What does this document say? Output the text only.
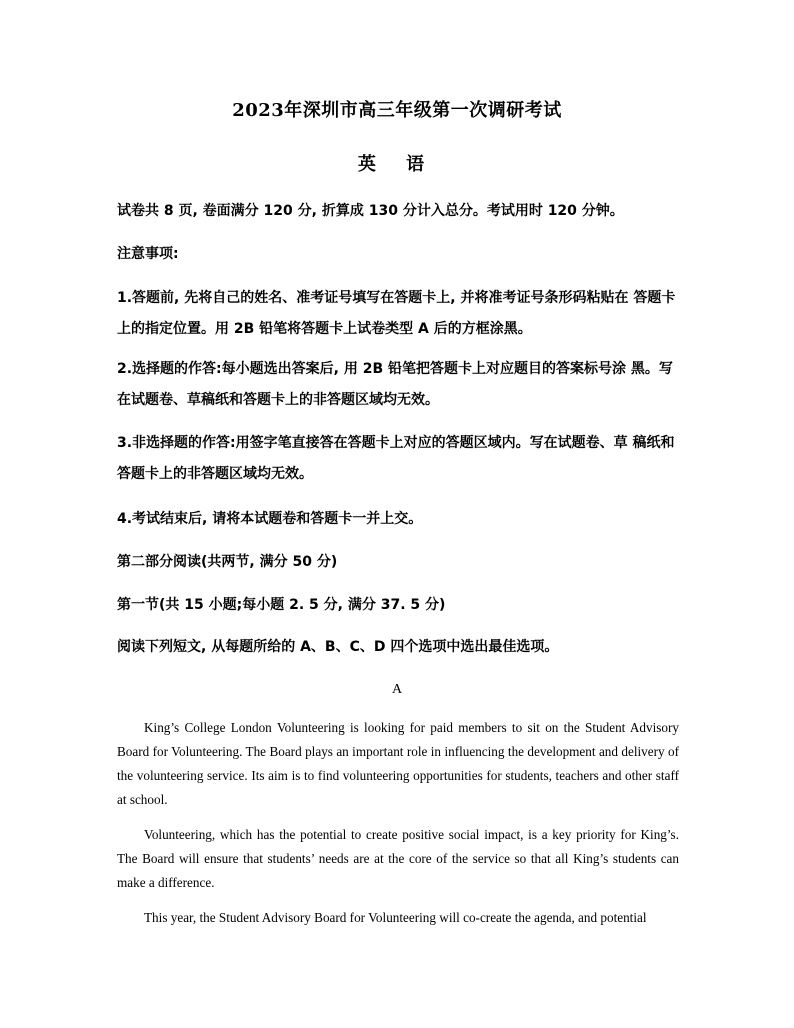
2023年深圳市高三年级第一次调研考试
英 语
试卷共 8 页, 卷面满分 120 分, 折算成 130 分计入总分。考试用时 120 分钟。
注意事项:
1.答题前, 先将自己的姓名、准考证号填写在答题卡上, 并将准考证号条形码粘贴在 答题卡上的指定位置。用 2B 铅笔将答题卡上试卷类型 A 后的方框涂黑。
2.选择题的作答:每小题选出答案后, 用 2B 铅笔把答题卡上对应题目的答案标号涂 黑。写在试题卷、草稿纸和答题卡上的非答题区域均无效。
3.非选择题的作答:用签字笔直接答在答题卡上对应的答题区域内。写在试题卷、草 稿纸和答题卡上的非答题区域均无效。
4.考试结束后, 请将本试题卷和答题卡一并上交。
第二部分阅读(共两节, 满分 50 分)
第一节(共 15 小题;每小题 2. 5 分, 满分 37. 5 分)
阅读下列短文, 从每题所给的 A、B、C、D 四个选项中选出最佳选项。
A
King’s College London Volunteering is looking for paid members to sit on the Student Advisory Board for Volunteering. The Board plays an important role in influencing the development and delivery of the volunteering service. Its aim is to find volunteering opportunities for students, teachers and other staff at school.
Volunteering, which has the potential to create positive social impact, is a key priority for King’s. The Board will ensure that students’ needs are at the core of the service so that all King’s students can make a difference.
This year, the Student Advisory Board for Volunteering will co-create the agenda, and potential
